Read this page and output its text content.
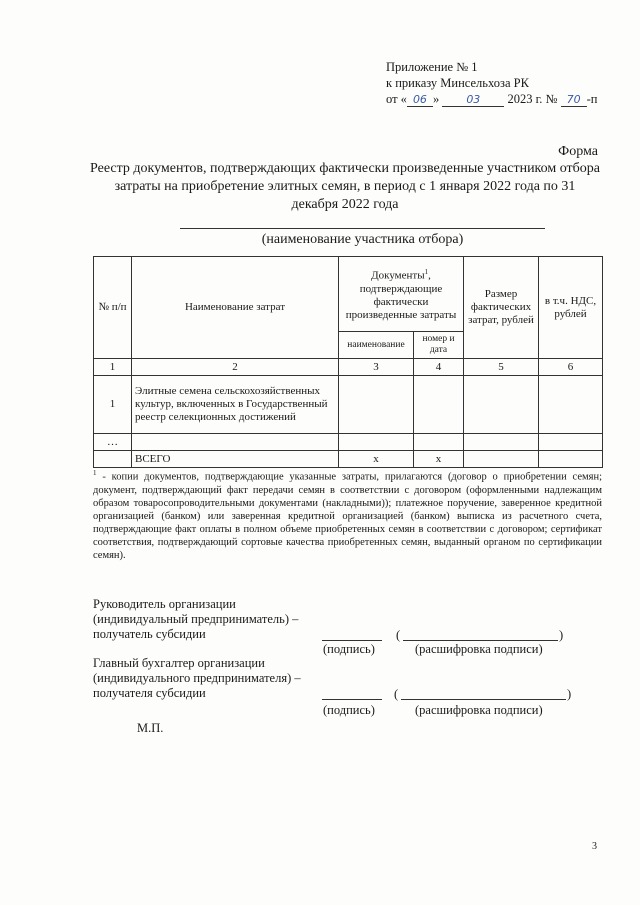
Приложение № 1
к приказу Минсельхоза РК
от « 06 » 03 2023 г. № 70 -п
Форма
Реестр документов, подтверждающих фактически произведенные участником отбора затраты на приобретение элитных семян, в период с 1 января 2022 года по 31 декабря 2022 года
(наименование участника отбора)
№ п/п	Наименование затрат	Документы$^1$, подтверждающие фактически произведенные затраты		Размер фактических затрат, рублей	в т.ч. НДС, рублей
		наименование	номер и дата		
1	2	3	4	5	6
1	Элитные семена сельскохозяйственных культур, включенных в Государственный реестр селекционных достижений				
…					
	ВСЕГО	x	x		
$^1$ - копии документов, подтверждающие указанные затраты, прилагаются (договор о приобретении семян; документ, подтверждающий факт передачи семян в соответствии с договором (оформленными надлежащим образом товаросопроводительными документами (накладными)); платежное поручение, заверенное кредитной организацией (банком) или заверенная кредитной организацией (банком) выписка из расчетного счета, подтверждающие факт оплаты в полном объеме приобретенных семян в соответствии с договором; сертификат соответствия, подтверждающий сортовые качества приобретенных семян, выданный органом по сертификации семян).
Руководитель организации
(индивидуальный предприниматель) –
получатель субсидии	(	)
(подпись)	(расшифровка подписи)
Главный бухгалтер организации
(индивидуального предпринимателя) –
получателя субсидии	(	)
(подпись)	(расшифровка подписи)
М.П.
3
